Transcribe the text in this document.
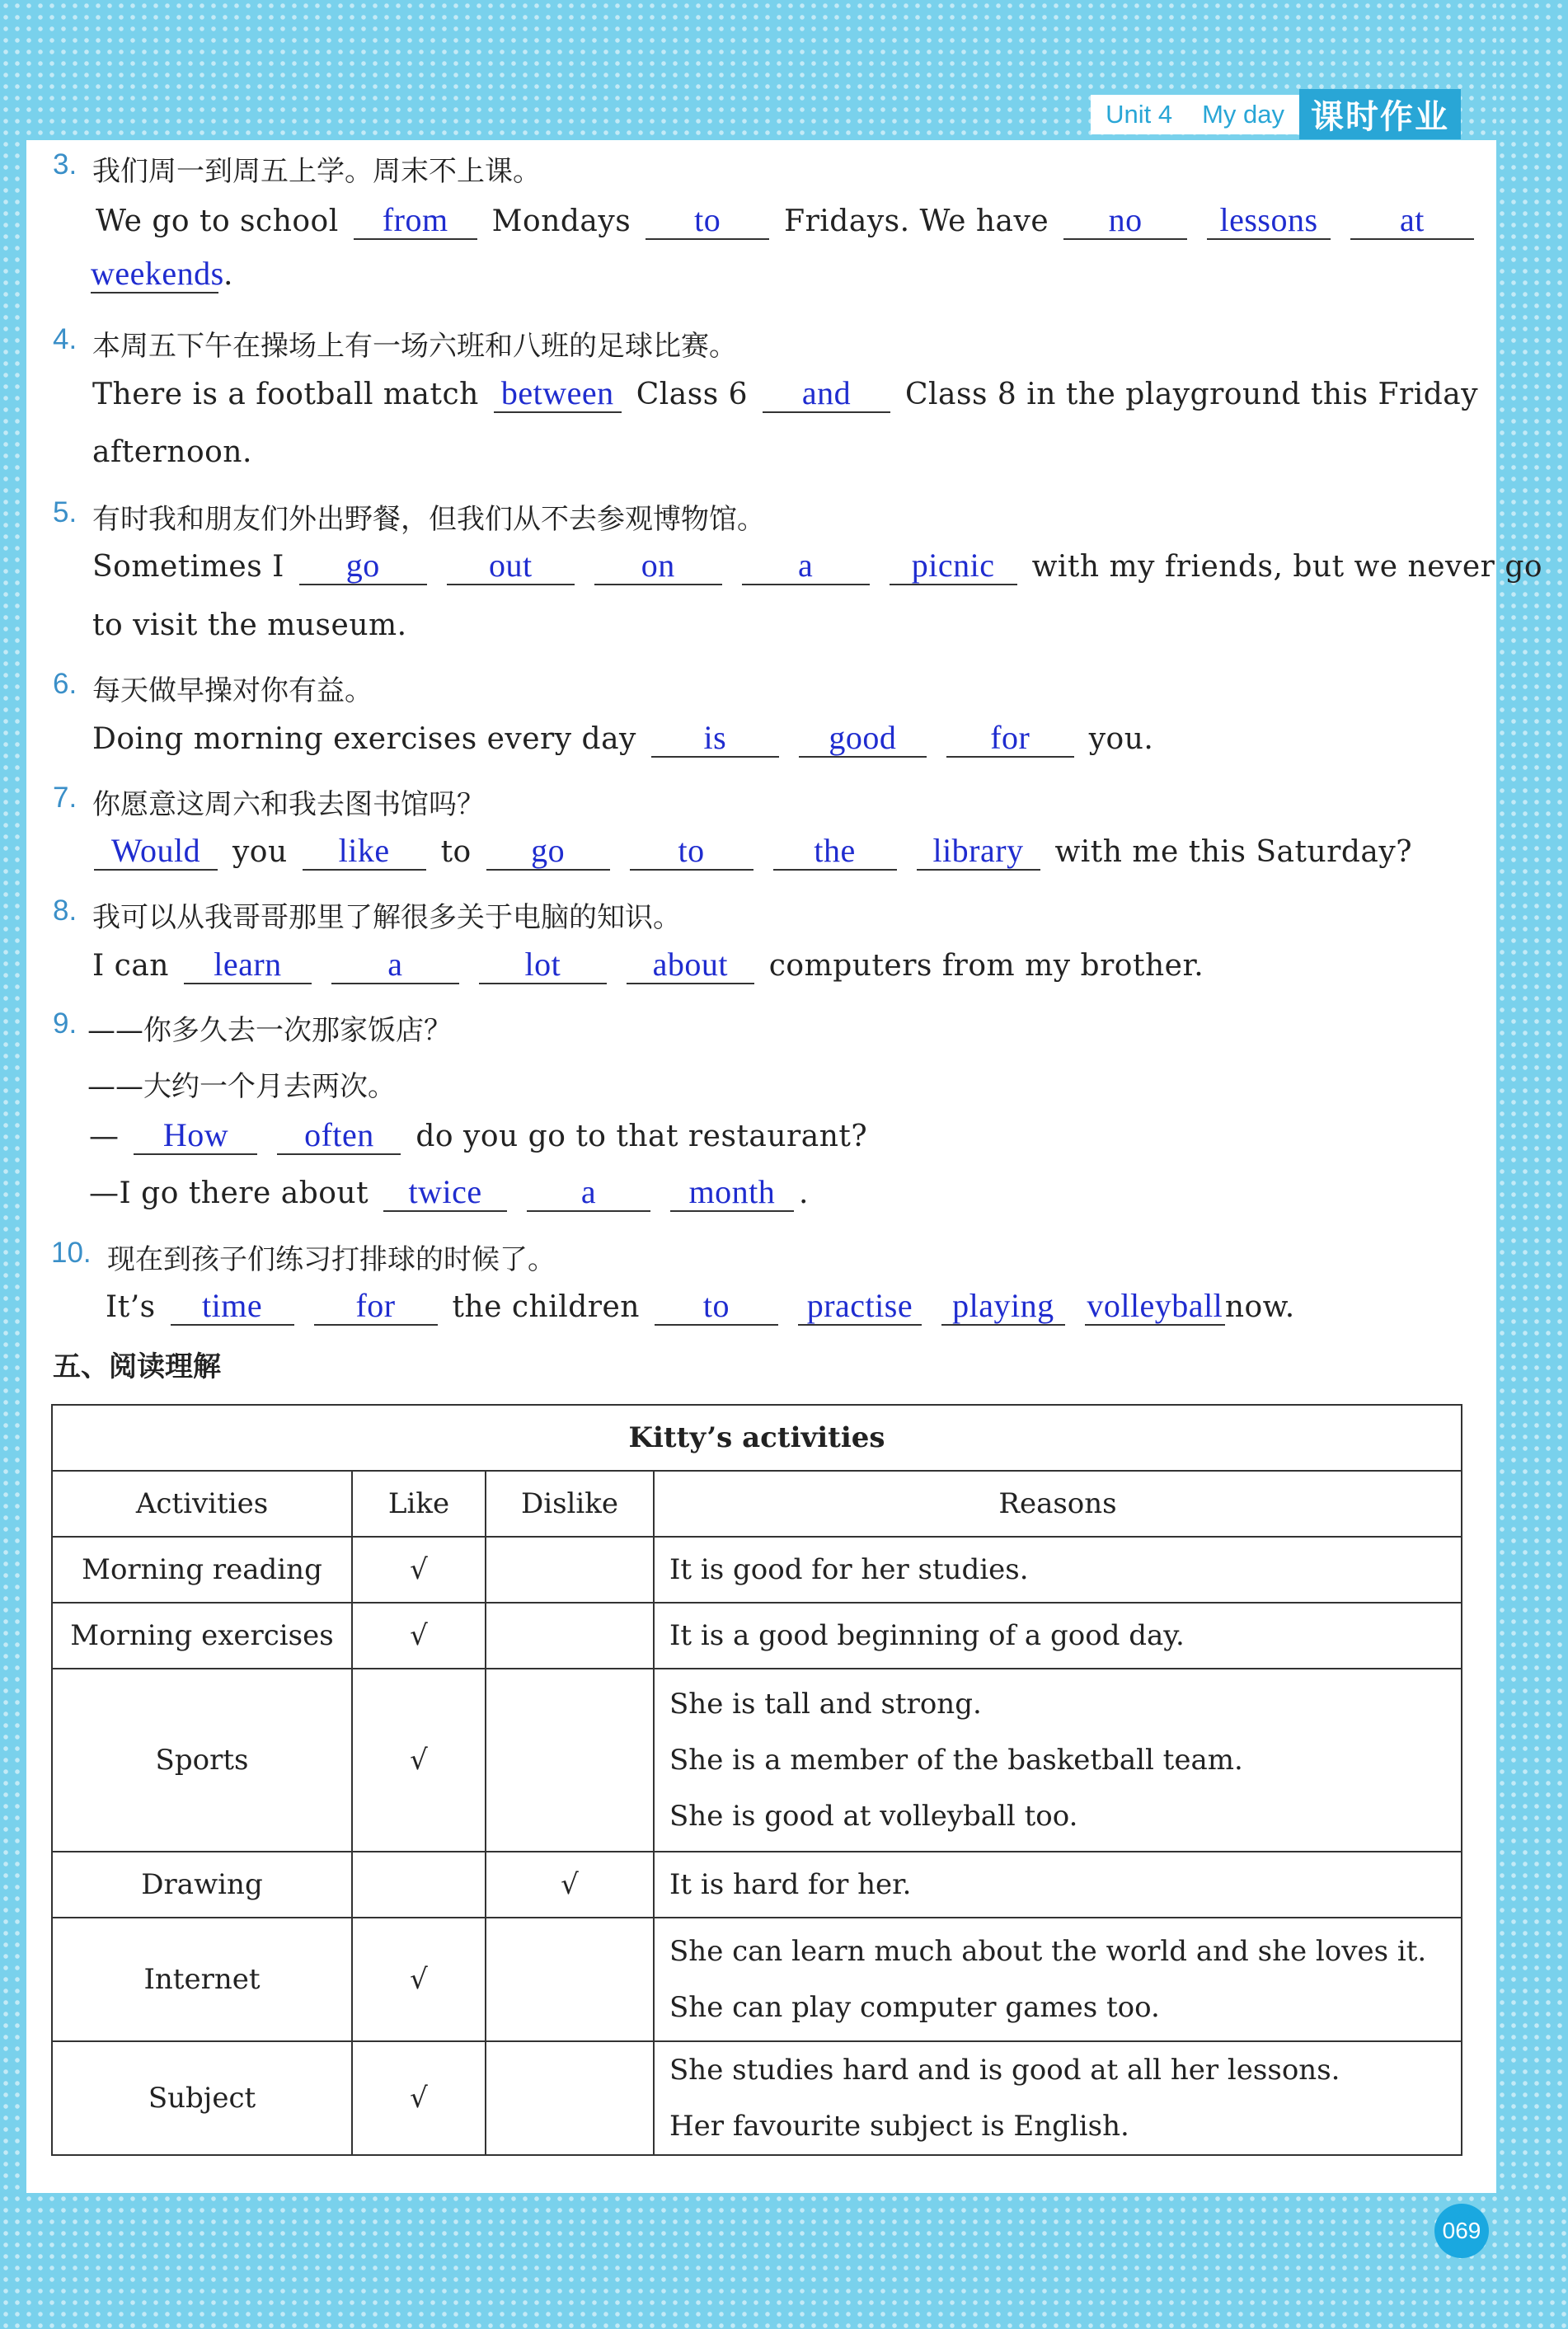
Unit 4	My day 课时作业
3. 我们周一到周五上学。周末不上课。
We go to school from Mondays to Fridays. We have no lessons at
weekends.
4. 本周五下午在操场上有一场六班和八班的足球比赛。
There is a football match between Class 6 and Class 8 in the playground this Friday
afternoon.
5. 有时我和朋友们外出野餐，但我们从不去参观博物馆。
Sometimes I go	out	on	a	picnic with my friends, but we never go
to visit the museum.
6. 每天做早操对你有益。
Doing morning exercises every day is	good	for you.
7. 你愿意这周六和我去图书馆吗？
Would you like to go	to	the library with me this Saturday?
8. 我可以从我哥哥那里了解很多关于电脑的知识。
I can learn	a	lot	about computers from my brother.
9. ——你多久去一次那家饭店？
——大约一个月去两次。
— How often do you go to that restaurant?
—I go there about twice	a	month .
10. 现在到孩子们练习打排球的时候了。
It’s time	for the children to practise playing volleyballnow.
五、阅读理解
Kitty’s activities			
Activities	Like	Dislike	Reasons
Morning reading	√		It is good for her studies.

Morning exercises	√		It is a good beginning of a good day.

Sports	√		She is tall and strong.
She is a member of the basketball team.
She is good at volleyball too.

Drawing		√	It is hard for her.

Internet	√		She can learn much about the world and she loves it.
She can play computer games too.

Subject	√		She studies hard and is good at all her lessons.
Her favourite subject is English.
069
